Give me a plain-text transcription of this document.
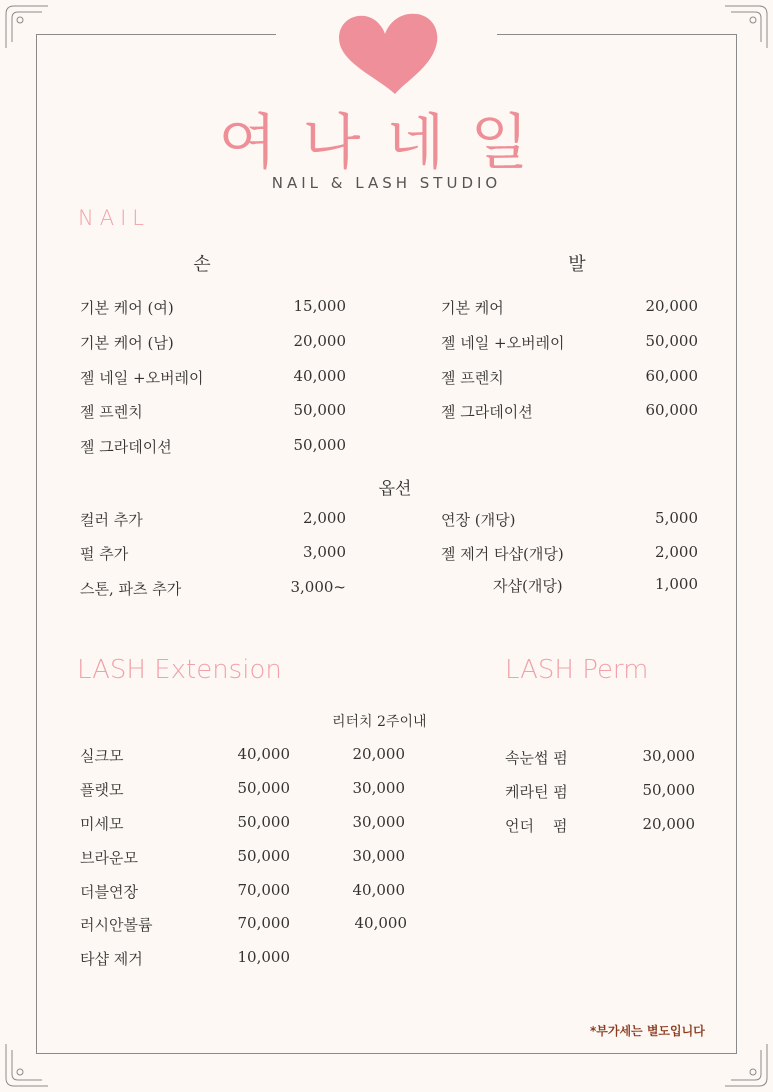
여나네일
NAIL & LASH STUDIO
NAIL
손	발
기본 케어 (여)	15,000
기본 케어 (남)	20,000
젤 네일 +오버레이	40,000
젤 프렌치	50,000
젤 그라데이션	50,000
기본 케어	20,000
젤 네일 +오버레이	50,000
젤 프렌치	60,000
젤 그라데이션	60,000
옵션
컬러 추가	2,000
펄 추가	3,000
스톤, 파츠 추가	3,000~
연장 (개당)	5,000
젤 제거 타샵(개당)	2,000
자샵(개당)	1,000
LASH Extension
리터치 2주이내
실크모	40,000	20,000
플랫모	50,000	30,000
미세모	50,000	30,000
브라운모	50,000	30,000
더블연장	70,000	40,000
러시안볼륨	70,000	40,000
타샵 제거	10,000
LASH Perm
속눈썹 펌	30,000
케라틴 펌	50,000
언더    펌	20,000
*부가세는 별도입니다
